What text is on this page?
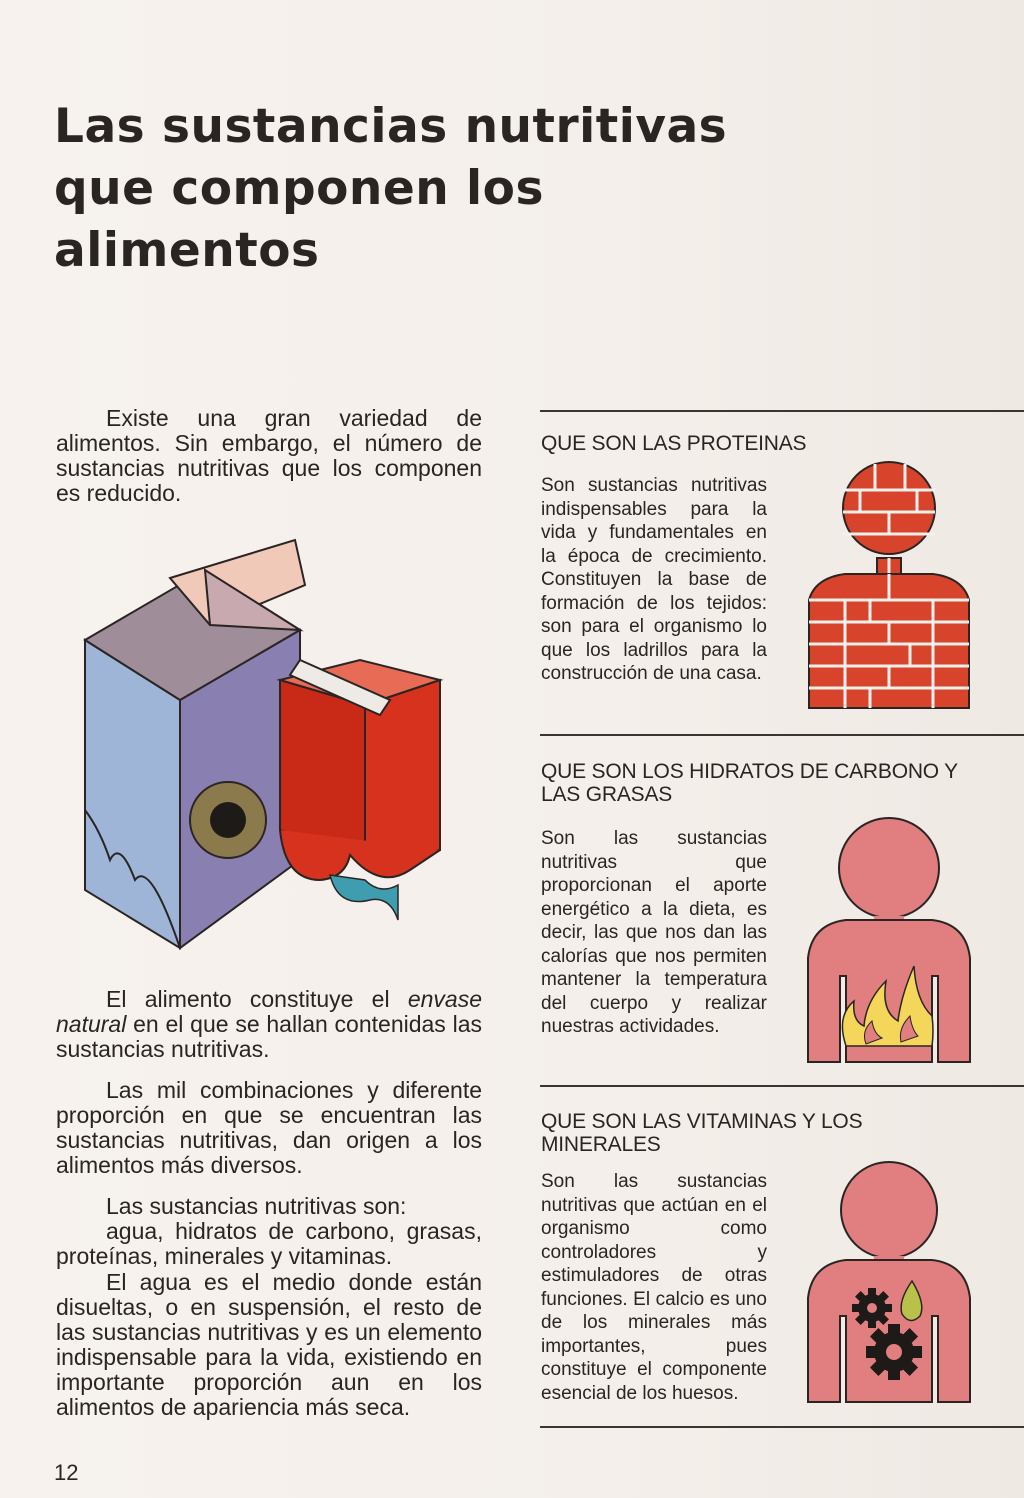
Las sustancias nutritivas que componen los alimentos

Existe una gran variedad de alimentos. Sin embargo, el número de sustancias nutritivas que los componen es reducido.

El alimento constituye el envase natural en el que se hallan contenidas las sustancias nutritivas.

Las mil combinaciones y diferente proporción en que se encuentran las sustancias nutritivas, dan origen a los alimentos más diversos.

Las sustancias nutritivas son:

agua, hidratos de carbono, grasas, proteínas, minerales y vitaminas.

El agua es el medio donde están disueltas, o en suspensión, el resto de las sustancias nutritivas y es un elemento indispensable para la vida, existiendo en importante proporción aun en los alimentos de apariencia más seca.

12

QUE SON LAS PROTEINAS

Son sustancias nutritivas indispensables para la vida y fundamentales en la época de crecimiento. Constituyen la base de formación de los tejidos: son para el organismo lo que los ladrillos para la construcción de una casa.

QUE SON LOS HIDRATOS DE CARBONO Y LAS GRASAS

Son las sustancias nutritivas que proporcionan el aporte energético a la dieta, es decir, las que nos dan las calorías que nos permiten mantener la temperatura del cuerpo y realizar nuestras actividades.

QUE SON LAS VITAMINAS Y LOS MINERALES

Son las sustancias nutritivas que actúan en el organismo como controladores y estimuladores de otras funciones. El calcio es uno de los minerales más importantes, pues constituye el componente esencial de los huesos.
